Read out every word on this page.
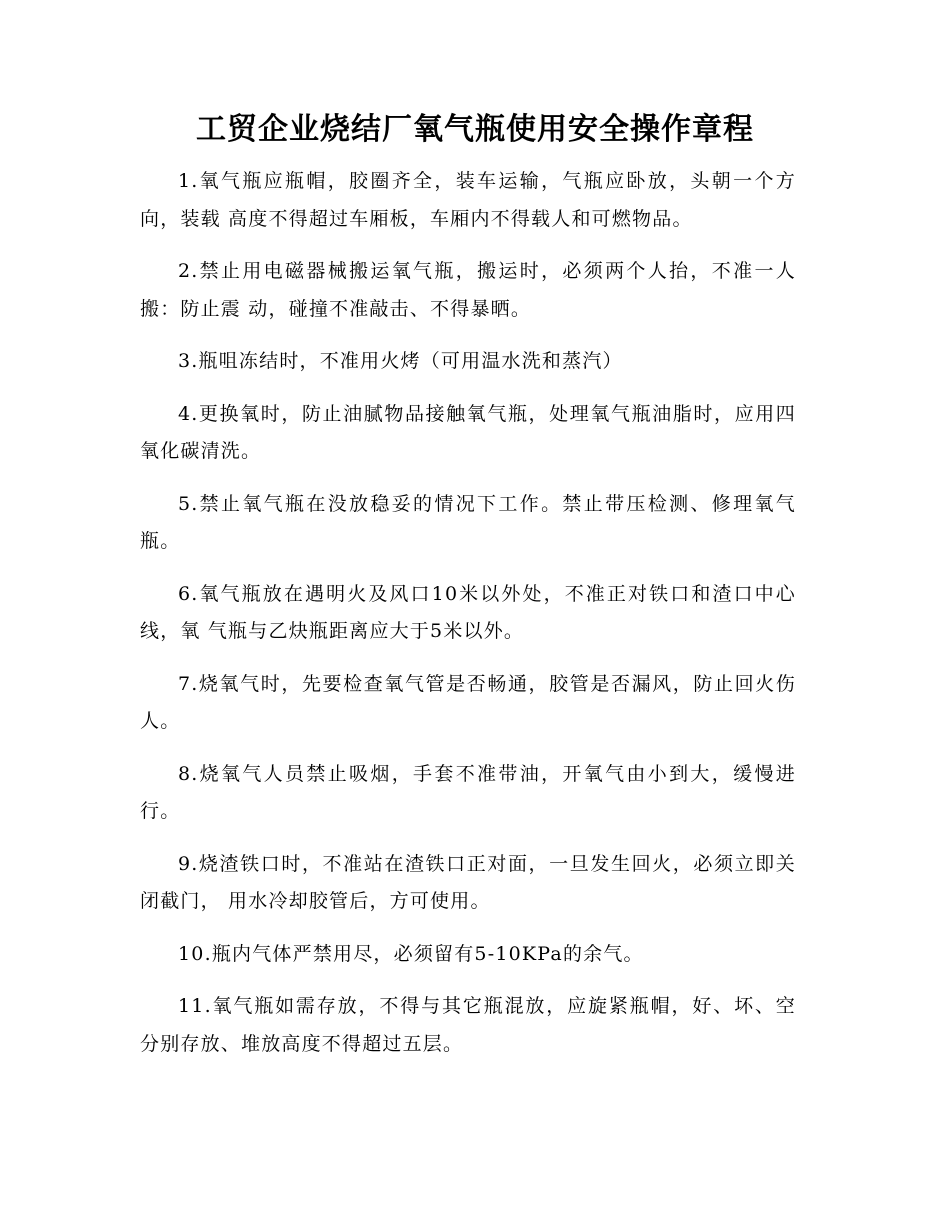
工贸企业烧结厂氧气瓶使用安全操作章程

1.氧气瓶应瓶帽，胶圈齐全，装车运输，气瓶应卧放，头朝一个方向，装载 高度不得超过车厢板，车厢内不得载人和可燃物品。

2.禁止用电磁器械搬运氧气瓶，搬运时，必须两个人抬，不准一人搬：防止震 动，碰撞不准敲击、不得暴晒。

3.瓶咀冻结时，不准用火烤（可用温水洗和蒸汽）

4.更换氧时，防止油腻物品接触氧气瓶，处理氧气瓶油脂时，应用四氧化碳清洗。

5.禁止氧气瓶在没放稳妥的情况下工作。禁止带压检测、修理氧气瓶。

6.氧气瓶放在遇明火及风口10米以外处，不准正对铁口和渣口中心线，氧 气瓶与乙炔瓶距离应大于5米以外。

7.烧氧气时，先要检查氧气管是否畅通，胶管是否漏风，防止回火伤人。

8.烧氧气人员禁止吸烟，手套不准带油，开氧气由小到大，缓慢进行。

9.烧渣铁口时，不准站在渣铁口正对面，一旦发生回火，必须立即关闭截门， 用水冷却胶管后，方可使用。

10.瓶内气体严禁用尽，必须留有5-10KPa的余气。

11.氧气瓶如需存放，不得与其它瓶混放，应旋紧瓶帽，好、坏、空分别存放、堆放高度不得超过五层。
